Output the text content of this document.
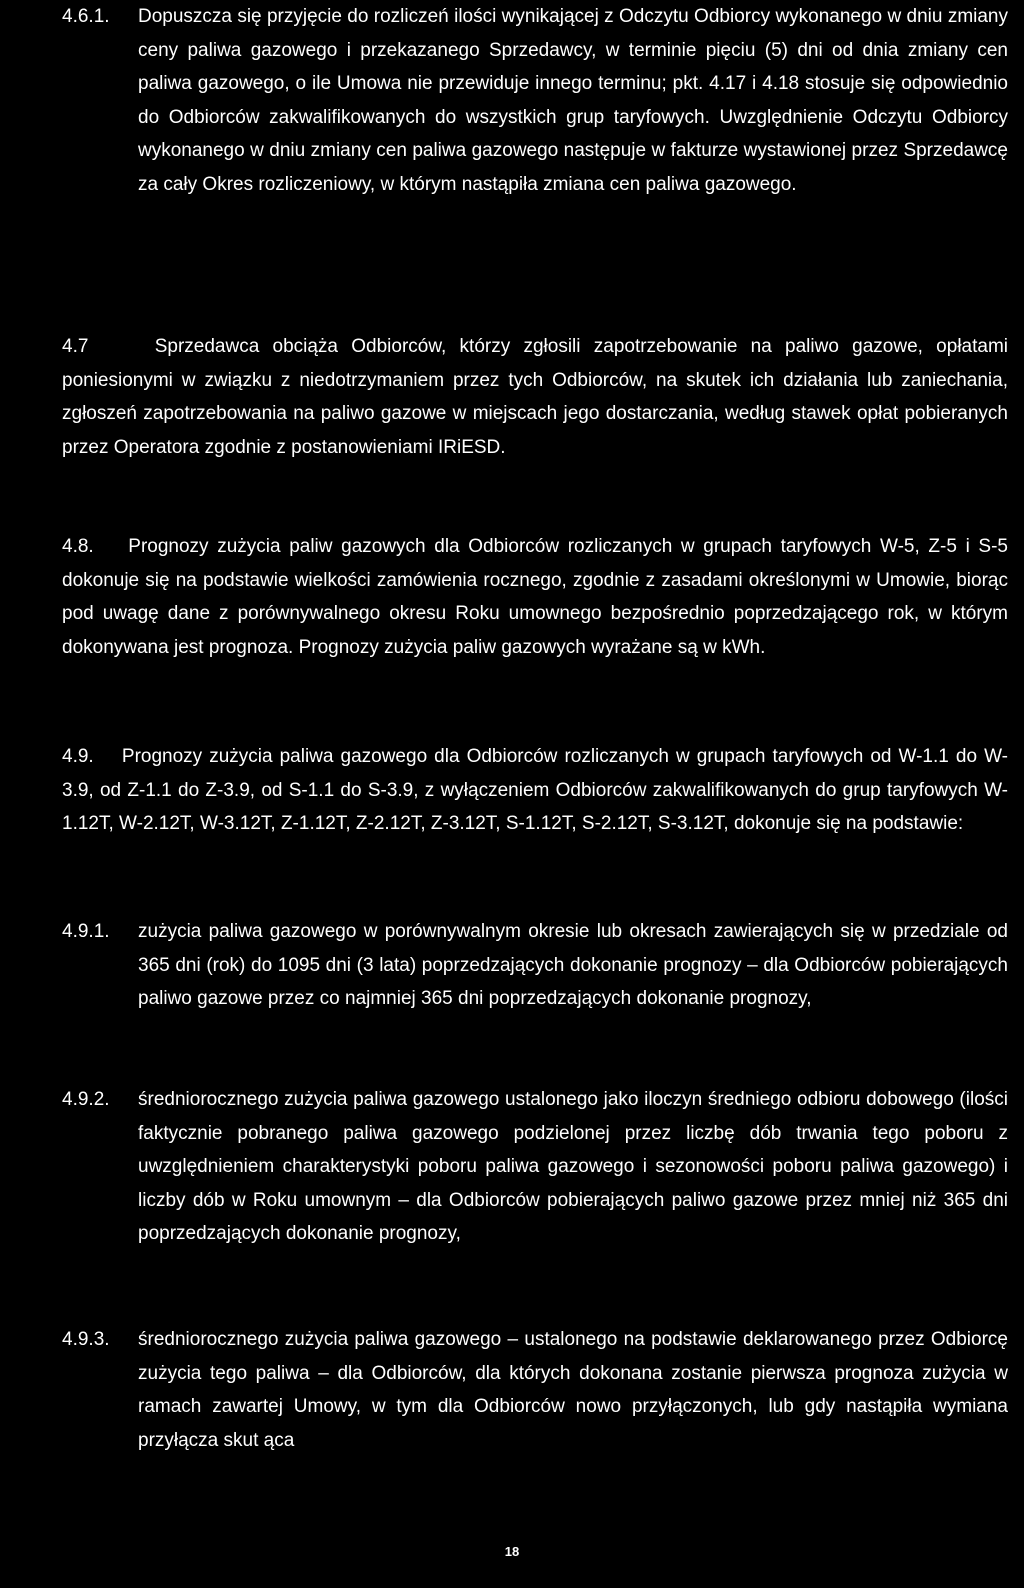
4.6.1. Dopuszcza się przyjęcie do rozliczeń ilości wynikającej z Odczytu Odbiorcy wykonanego w dniu zmiany ceny paliwa gazowego i przekazanego Sprzedawcy, w terminie pięciu (5) dni od dnia zmiany cen paliwa gazowego, o ile Umowa nie przewiduje innego terminu; pkt. 4.17 i 4.18 stosuje się odpowiednio do Odbiorców zakwalifikowanych do wszystkich grup taryfowych. Uwzględnienie Odczytu Odbiorcy wykonanego w dniu zmiany cen paliwa gazowego następuje w fakturze wystawionej przez Sprzedawcę za cały Okres rozliczeniowy, w którym nastąpiła zmiana cen paliwa gazowego.
4.7	Sprzedawca obciąża Odbiorców, którzy zgłosili zapotrzebowanie na paliwo gazowe, opłatami poniesionymi w związku z niedotrzymaniem przez tych Odbiorców, na skutek ich działania lub zaniechania, zgłoszeń zapotrzebowania na paliwo gazowe w miejscach jego dostarczania, według stawek opłat pobieranych przez Operatora zgodnie z postanowieniami IRiESD.
4.8. Prognozy zużycia paliw gazowych dla Odbiorców rozliczanych w grupach taryfowych W-5, Z-5 i S-5 dokonuje się na podstawie wielkości zamówienia rocznego, zgodnie z zasadami określonymi w Umowie, biorąc pod uwagę dane z porównywalnego okresu Roku umownego bezpośrednio poprzedzającego rok, w którym dokonywana jest prognoza. Prognozy zużycia paliw gazowych wyrażane są w kWh.
4.9. Prognozy zużycia paliwa gazowego dla Odbiorców rozliczanych w grupach taryfowych od W-1.1 do W-3.9, od Z-1.1 do Z-3.9, od S-1.1 do S-3.9, z wyłączeniem Odbiorców zakwalifikowanych do grup taryfowych W-1.12T, W-2.12T, W-3.12T, Z-1.12T, Z-2.12T, Z-3.12T, S-1.12T, S-2.12T, S-3.12T, dokonuje się na podstawie:
4.9.1. zużycia paliwa gazowego w porównywalnym okresie lub okresach zawierających się w przedziale od 365 dni (rok) do 1095 dni (3 lata) poprzedzających dokonanie prognozy – dla Odbiorców pobierających paliwo gazowe przez co najmniej 365 dni poprzedzających dokonanie prognozy,
4.9.2. średniorocznego zużycia paliwa gazowego ustalonego jako iloczyn średniego odbioru dobowego (ilości faktycznie pobranego paliwa gazowego podzielonej przez liczbę dób trwania tego poboru z uwzględnieniem charakterystyki poboru paliwa gazowego i sezonowości poboru paliwa gazowego) i liczby dób w Roku umownym – dla Odbiorców pobierających paliwo gazowe przez mniej niż 365 dni poprzedzających dokonanie prognozy,
4.9.3. średniorocznego zużycia paliwa gazowego – ustalonego na podstawie deklarowanego przez Odbiorcę zużycia tego paliwa – dla Odbiorców, dla których dokonana zostanie pierwsza prognoza zużycia w ramach zawartej Umowy, w tym dla Odbiorców nowo przyłączonych, lub gdy nastąpiła wymiana przyłącza skut ąca
18
